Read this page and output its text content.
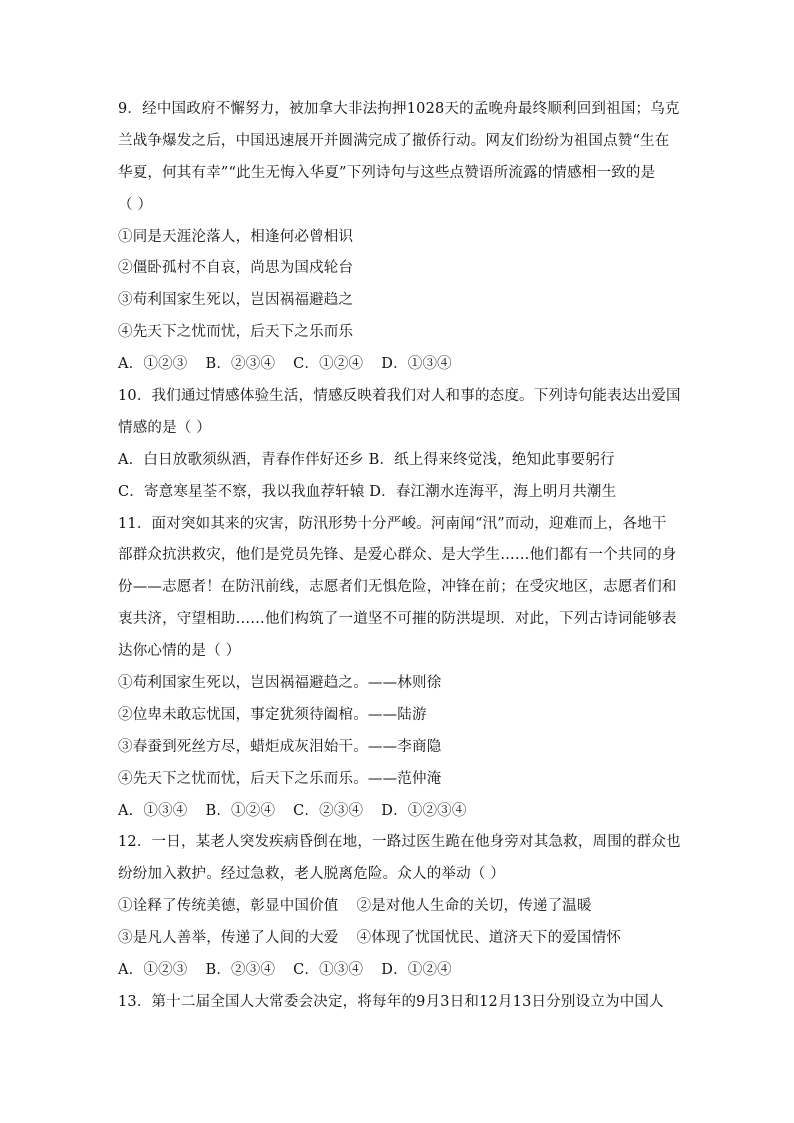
9．经中国政府不懈努力，被加拿大非法拘押1028天的孟晚舟最终顺利回到祖国；乌克
兰战争爆发之后，中国迅速展开并圆满完成了撤侨行动。网友们纷纷为祖国点赞“生在
华夏，何其有幸”“此生无悔入华夏”下列诗句与这些点赞语所流露的情感相一致的是
（ ）
①同是天涯沦落人，相逢何必曾相识
②僵卧孤村不自哀，尚思为国戍轮台
③苟利国家生死以，岂因祸福避趋之
④先天下之忧而忧，后天下之乐而乐
A．①②③ B．②③④ C．①②④ D．①③④
10．我们通过情感体验生活，情感反映着我们对人和事的态度。下列诗句能表达出爱国
情感的是（ ）
A．白日放歌须纵酒，青春作伴好还乡 B．纸上得来终觉浅，绝知此事要躬行
C．寄意寒星荃不察，我以我血荐轩辕 D．春江潮水连海平，海上明月共潮生
11．面对突如其来的灾害，防汛形势十分严峻。河南闻“汛”而动，迎难而上，各地干
部群众抗洪救灾，他们是党员先锋、是爱心群众、是大学生……他们都有一个共同的身
份——志愿者！在防汛前线，志愿者们无惧危险，冲锋在前；在受灾地区，志愿者们和
衷共济，守望相助……他们构筑了一道坚不可摧的防洪堤坝．对此，下列古诗词能够表
达你心情的是（ ）
①苟利国家生死以，岂因祸福避趋之。——林则徐
②位卑未敢忘忧国，事定犹须待阖棺。——陆游
③春蚕到死丝方尽，蜡炬成灰泪始干。——李商隐
④先天下之忧而忧，后天下之乐而乐。——范仲淹
A．①③④ B．①②④ C．②③④ D．①②③④
12．一日，某老人突发疾病昏倒在地，一路过医生跪在他身旁对其急救，周围的群众也
纷纷加入救护。经过急救，老人脱离危险。众人的举动（ ）
①诠释了传统美德，彰显中国价值 ②是对他人生命的关切，传递了温暖
③是凡人善举，传递了人间的大爱 ④体现了忧国忧民、道济天下的爱国情怀
A．①②③ B．②③④ C．①③④ D．①②④
13．第十二届全国人大常委会决定，将每年的9月3日和12月13日分别设立为中国人
